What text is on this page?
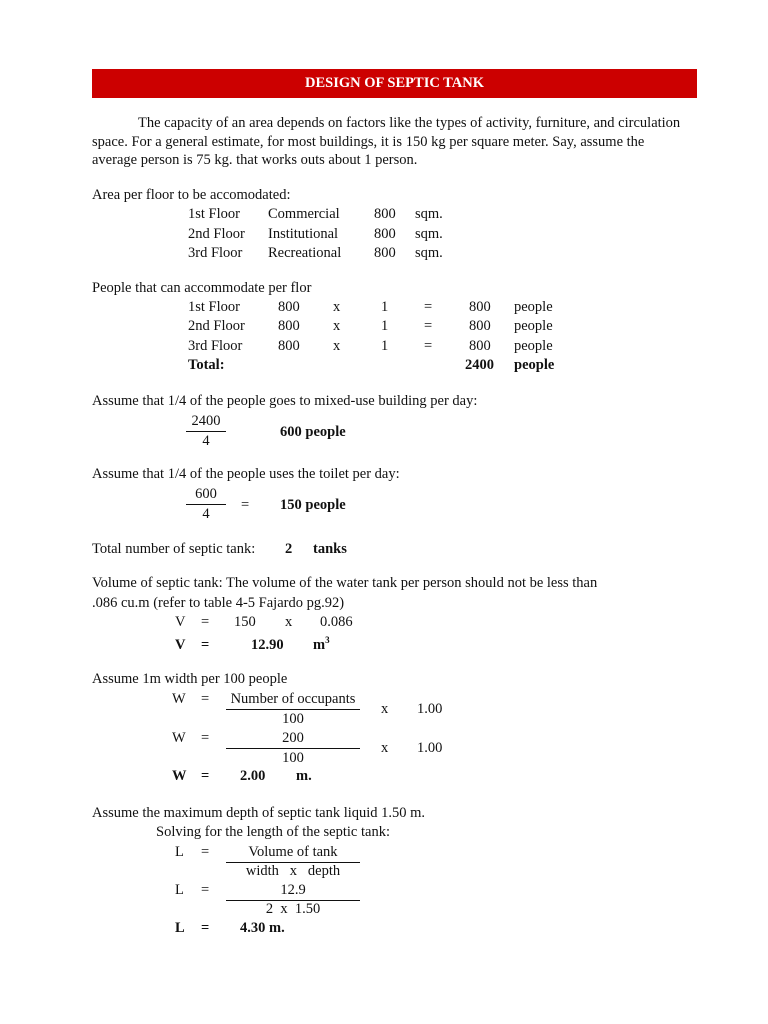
DESIGN OF SEPTIC TANK
The capacity of an area depends on factors like the types of activity, furniture, and circulation space. For a general estimate, for most buildings, it is 150 kg per square meter. Say, assume the average person is 75 kg. that works outs about 1 person.
Area per floor to be accomodated:
1st Floor Commercial 800 sqm.
2nd Floor Institutional 800 sqm.
3rd Floor Recreational 800 sqm.
People that can accommodate per flor
1st Floor	800 x	1 =	800 people
2nd Floor 800 x	1 =	800 people
3rd Floor 800 x	1 =	800 people
Total:	2400 people
Assume that 1/4 of the people goes to mixed-use building per day:
2400
4
600 people
Assume that 1/4 of the people uses the toilet per day:
600
4
= 150 people
Total number of septic tank: 2 tanks
Volume of septic tank: The volume of the water tank per person should not be less than
.086 cu.m (refer to table 4-5 Fajardo pg.92)
V = 150 x 0.086
V =	12.90 $m^3$
Assume 1m width per 100 people
W =	Number of occupants
100
x 1.00
W =	200
100
x 1.00
W = 2.00 m.
Assume the maximum depth of septic tank liquid 1.50 m.
Solving for the length of the septic tank:
L =	Volume of tank
width   x   depth
L =	12.9
2  x  1.50
L = 4.30 m.
